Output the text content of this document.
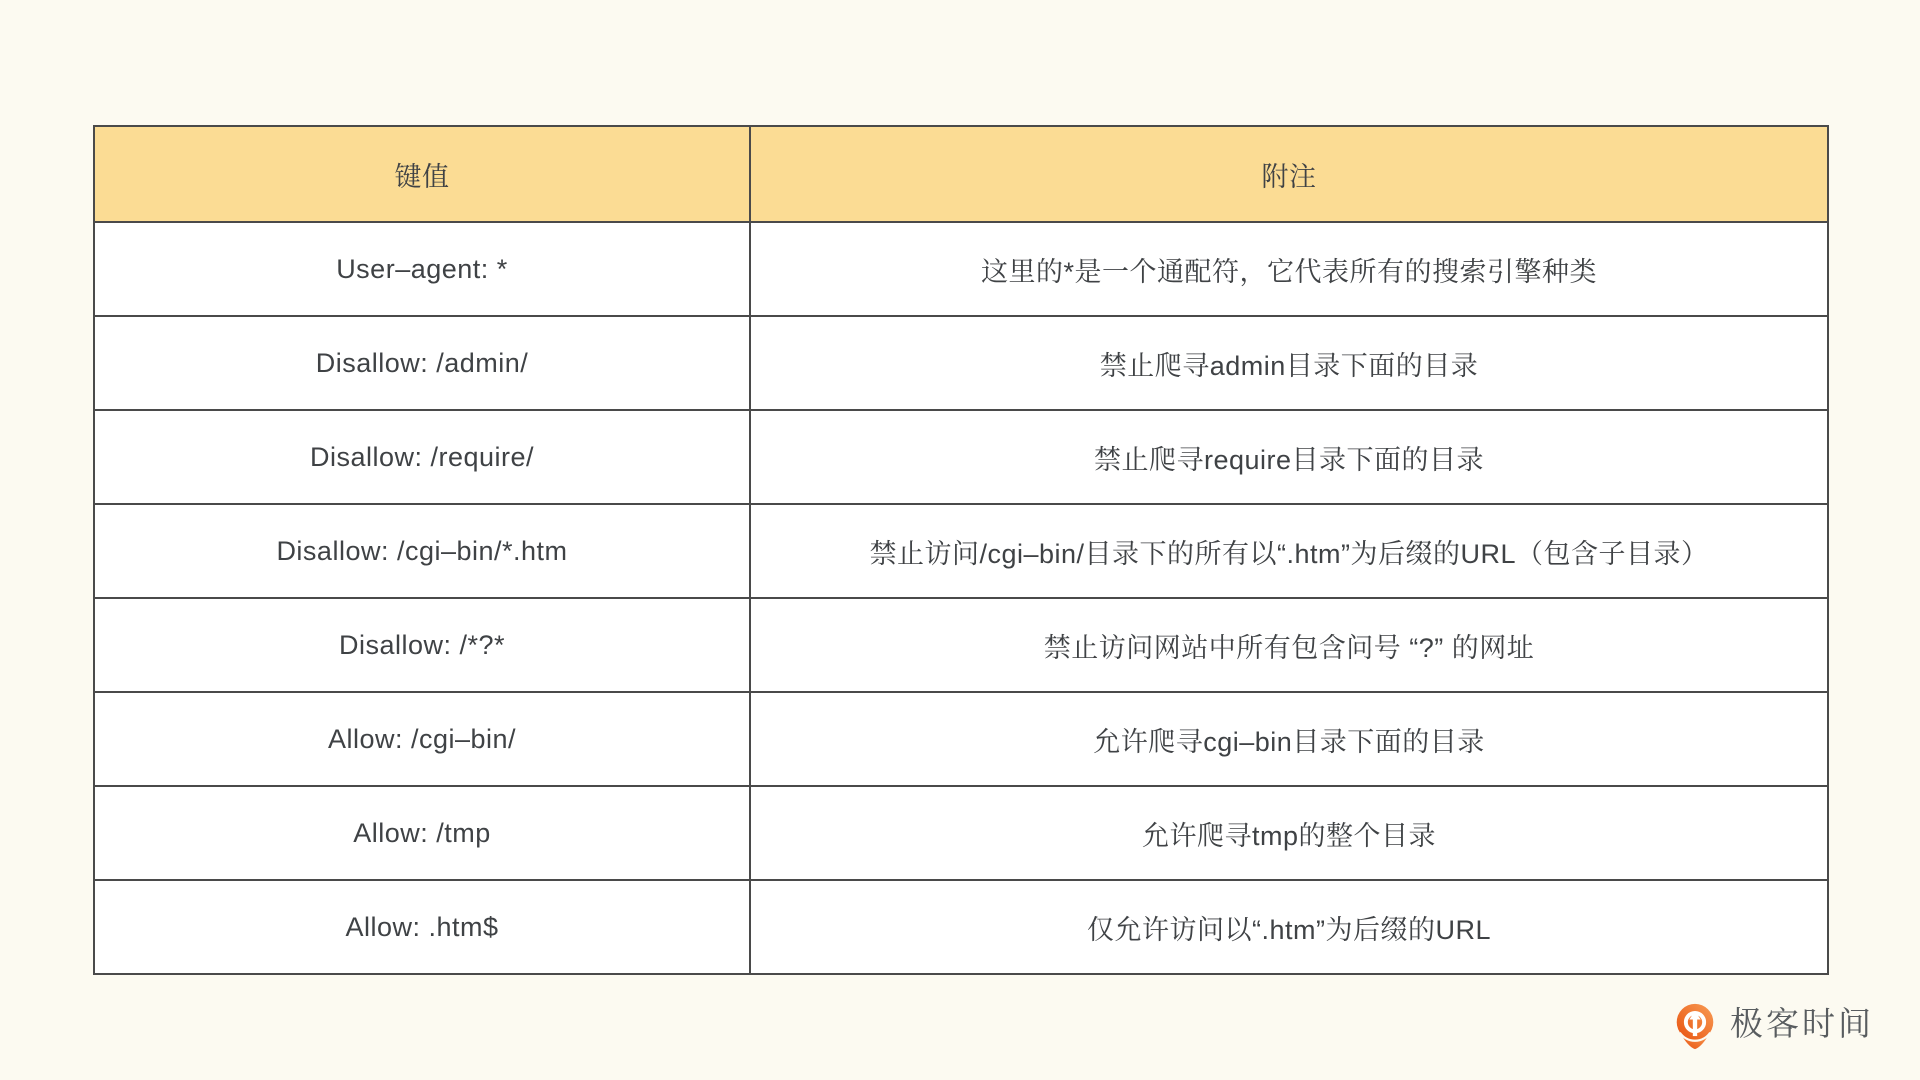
键值	附注
User–agent: *	这里的*是一个通配符，它代表所有的搜索引擎种类
Disallow: /admin/	禁止爬寻admin目录下面的目录
Disallow: /require/	禁止爬寻require目录下面的目录
Disallow: /cgi–bin/*.htm	禁止访问/cgi–bin/目录下的所有以“.htm”为后缀的URL（包含子目录）
Disallow: /*?*	禁止访问网站中所有包含问号 “?” 的网址
Allow: /cgi–bin/	允许爬寻cgi–bin目录下面的目录
Allow: /tmp	允许爬寻tmp的整个目录
Allow: .htm$	仅允许访问以“.htm”为后缀的URL
极客时间
